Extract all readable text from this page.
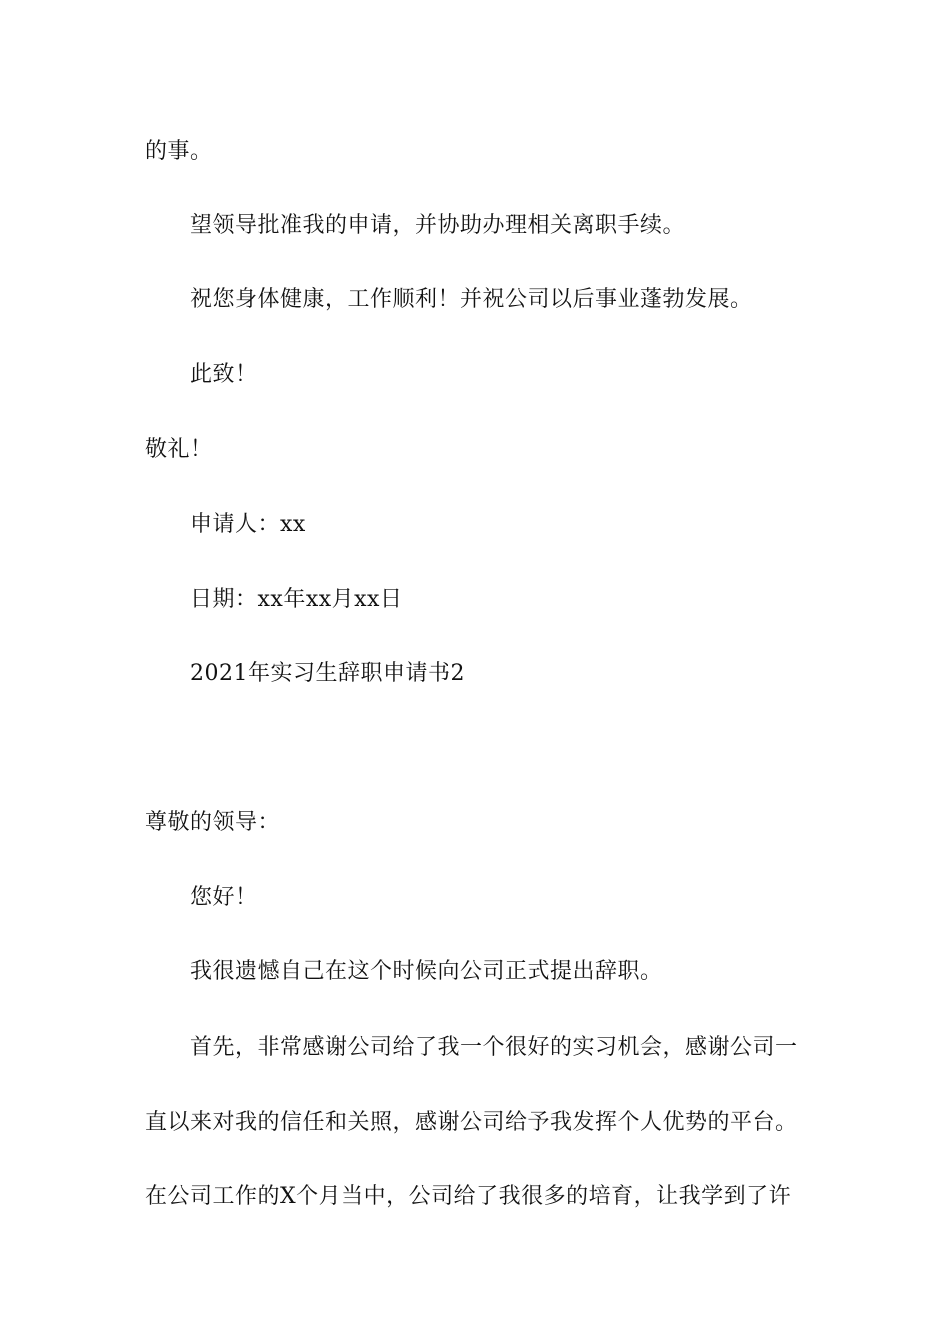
的事。
望领导批准我的申请，并协助办理相关离职手续。
祝您身体健康，工作顺利！并祝公司以后事业蓬勃发展。
此致！
敬礼！
申请人：xx
日期：xx年xx月xx日
2021年实习生辞职申请书2
尊敬的领导：
您好！
我很遗憾自己在这个时候向公司正式提出辞职。
首先，非常感谢公司给了我一个很好的实习机会，感谢公司一
直以来对我的信任和关照，感谢公司给予我发挥个人优势的平台。
在公司工作的X个月当中，公司给了我很多的培育，让我学到了许
